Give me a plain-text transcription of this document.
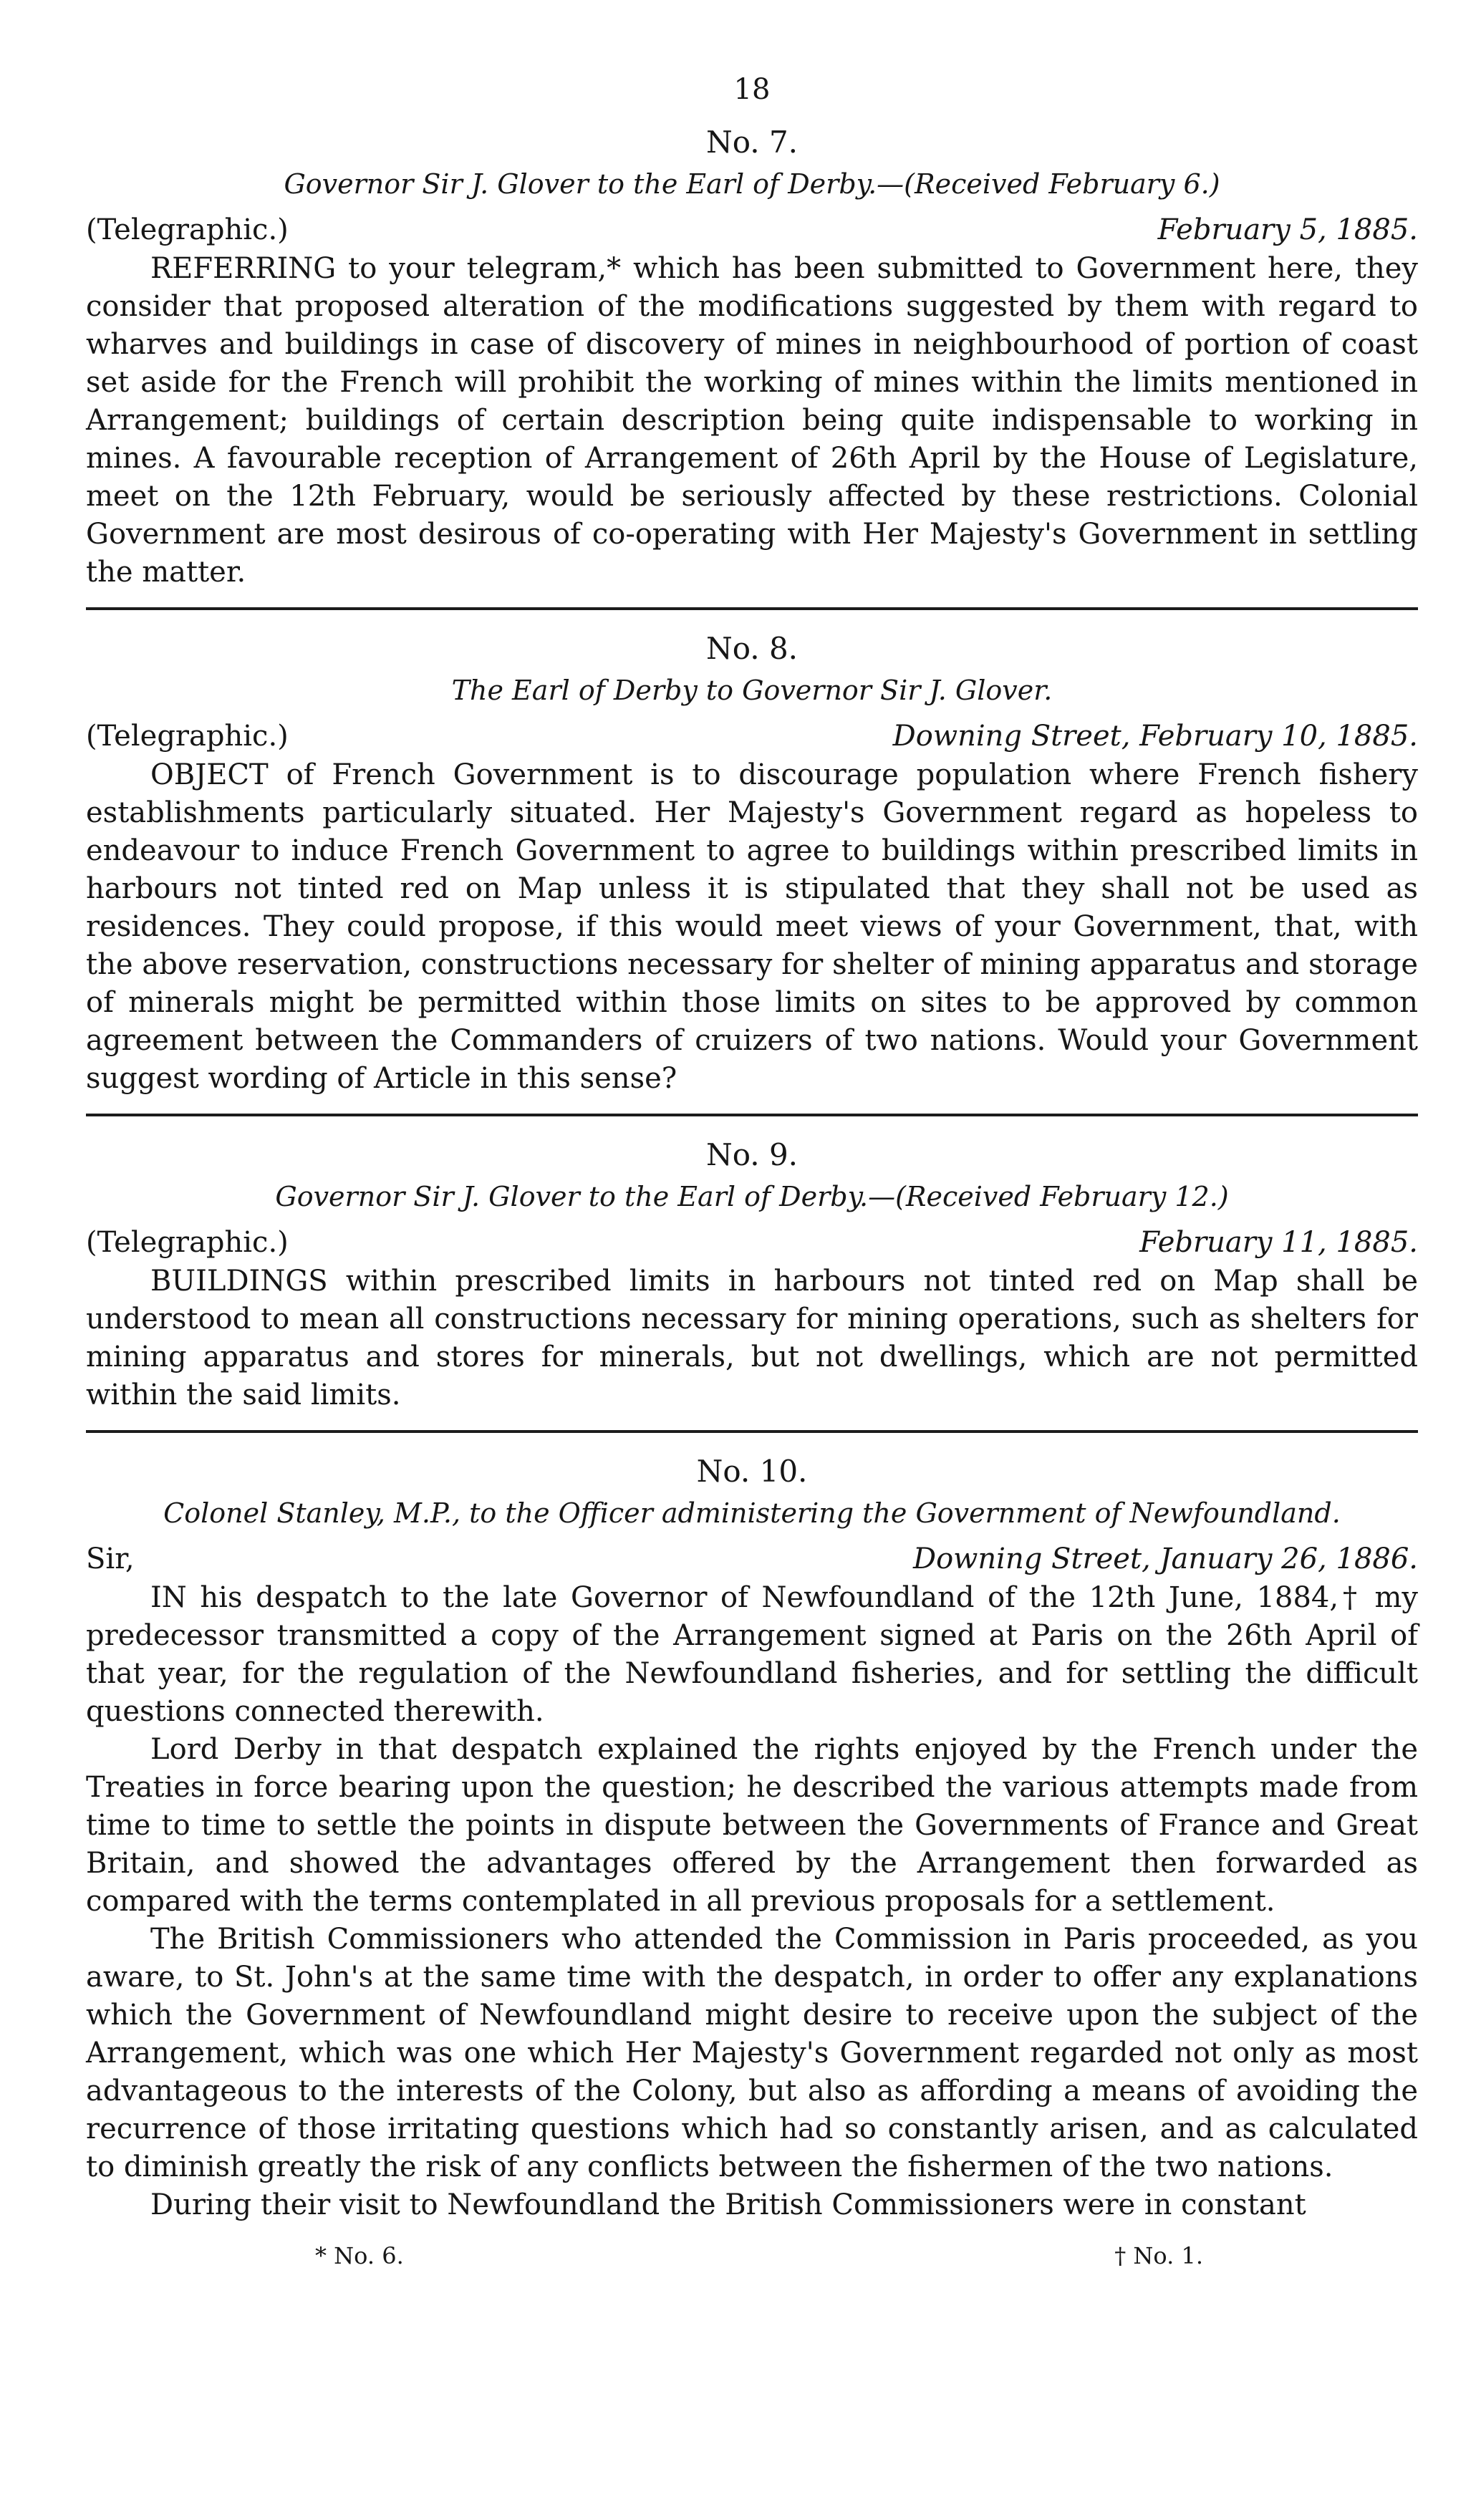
18
No. 7.
Governor Sir J. Glover to the Earl of Derby.—(Received February 6.)
(Telegraphic.)	February 5, 1885.

REFERRING to your telegram,* which has been submitted to Government here, they consider that proposed alteration of the modifications suggested by them with regard to wharves and buildings in case of discovery of mines in neighbourhood of portion of coast set aside for the French will prohibit the working of mines within the limits mentioned in Arrangement; buildings of certain description being quite indispensable to working in mines. A favourable reception of Arrangement of 26th April by the House of Legislature, meet on the 12th February, would be seriously affected by these restrictions. Colonial Government are most desirous of co-operating with Her Majesty's Government in settling the matter.

No. 8.
The Earl of Derby to Governor Sir J. Glover.
(Telegraphic.)	Downing Street, February 10, 1885.

OBJECT of French Government is to discourage population where French fishery establishments particularly situated. Her Majesty's Government regard as hopeless to endeavour to induce French Government to agree to buildings within prescribed limits in harbours not tinted red on Map unless it is stipulated that they shall not be used as residences. They could propose, if this would meet views of your Government, that, with the above reservation, constructions necessary for shelter of mining apparatus and storage of minerals might be permitted within those limits on sites to be approved by common agreement between the Commanders of cruizers of two nations. Would your Government suggest wording of Article in this sense?

No. 9.
Governor Sir J. Glover to the Earl of Derby.—(Received February 12.)
(Telegraphic.)	February 11, 1885.

BUILDINGS within prescribed limits in harbours not tinted red on Map shall be understood to mean all constructions necessary for mining operations, such as shelters for mining apparatus and stores for minerals, but not dwellings, which are not permitted within the said limits.

No. 10.
Colonel Stanley, M.P., to the Officer administering the Government of Newfoundland.
Sir,	Downing Street, January 26, 1886.

IN his despatch to the late Governor of Newfoundland of the 12th June, 1884,† my predecessor transmitted a copy of the Arrangement signed at Paris on the 26th April of that year, for the regulation of the Newfoundland fisheries, and for settling the difficult questions connected therewith.

Lord Derby in that despatch explained the rights enjoyed by the French under the Treaties in force bearing upon the question; he described the various attempts made from time to time to settle the points in dispute between the Governments of France and Great Britain, and showed the advantages offered by the Arrangement then forwarded as compared with the terms contemplated in all previous proposals for a settlement.

The British Commissioners who attended the Commission in Paris proceeded, as you aware, to St. John's at the same time with the despatch, in order to offer any explanations which the Government of Newfoundland might desire to receive upon the subject of the Arrangement, which was one which Her Majesty's Government regarded not only as most advantageous to the interests of the Colony, but also as affording a means of avoiding the recurrence of those irritating questions which had so constantly arisen, and as calculated to diminish greatly the risk of any conflicts between the fishermen of the two nations.

During their visit to Newfoundland the British Commissioners were in constant

* No. 6.	† No. 1.
